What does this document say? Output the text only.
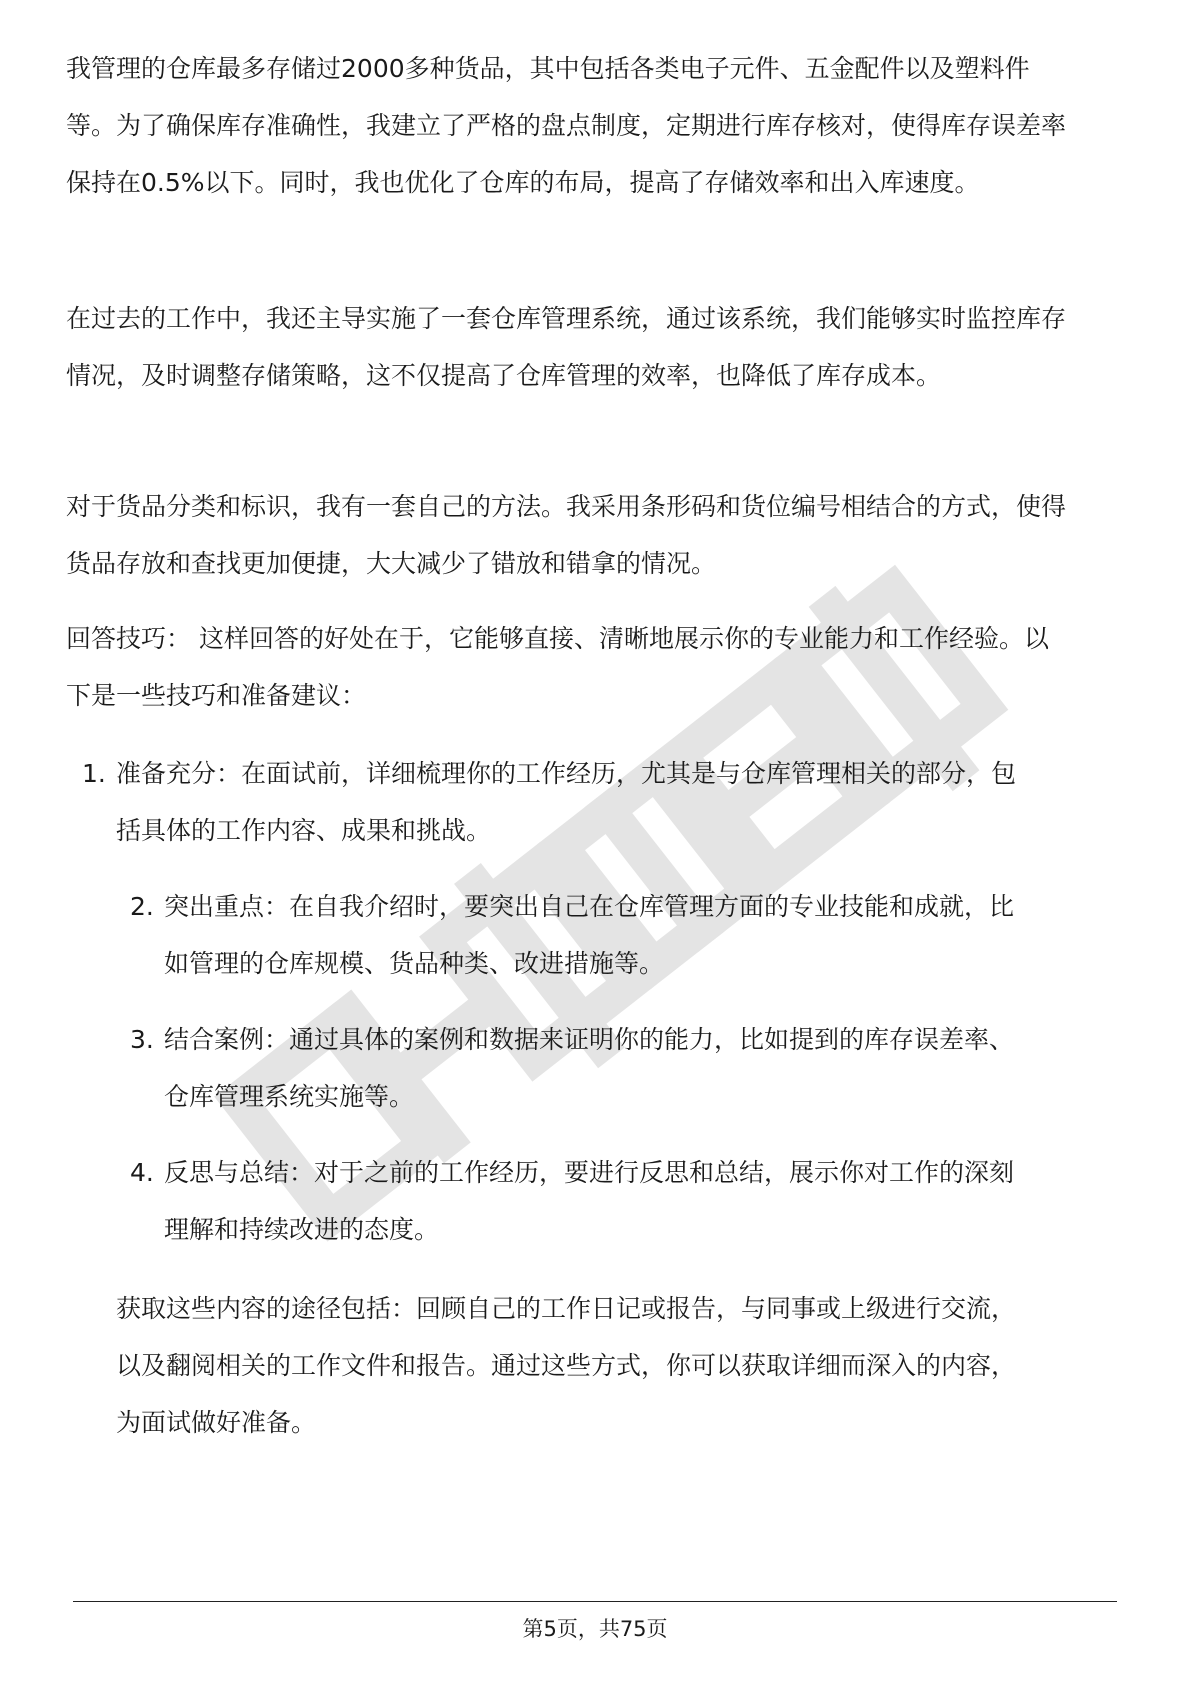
我管理的仓库最多存储过2000多种货品，其中包括各类电子元件、五金配件以及塑料件等。为了确保库存准确性，我建立了严格的盘点制度，定期进行库存核对，使得库存误差率保持在0.5%以下。同时，我也优化了仓库的布局，提高了存储效率和出入库速度。

在过去的工作中，我还主导实施了一套仓库管理系统，通过该系统，我们能够实时监控库存情况，及时调整存储策略，这不仅提高了仓库管理的效率，也降低了库存成本。

对于货品分类和标识，我有一套自己的方法。我采用条形码和货位编号相结合的方式，使得货品存放和查找更加便捷，大大减少了错放和错拿的情况。

回答技巧： 这样回答的好处在于，它能够直接、清晰地展示你的专业能力和工作经验。以下是一些技巧和准备建议：

1. 准备充分：在面试前，详细梳理你的工作经历，尤其是与仓库管理相关的部分，包括具体的工作内容、成果和挑战。

2. 突出重点：在自我介绍时，要突出自己在仓库管理方面的专业技能和成就，比如管理的仓库规模、货品种类、改进措施等。

3. 结合案例：通过具体的案例和数据来证明你的能力，比如提到的库存误差率、仓库管理系统实施等。

4. 反思与总结：对于之前的工作经历，要进行反思和总结，展示你对工作的深刻理解和持续改进的态度。

获取这些内容的途径包括：回顾自己的工作日记或报告，与同事或上级进行交流，以及翻阅相关的工作文件和报告。通过这些方式，你可以获取详细而深入的内容，为面试做好准备。

第5页，共75页
